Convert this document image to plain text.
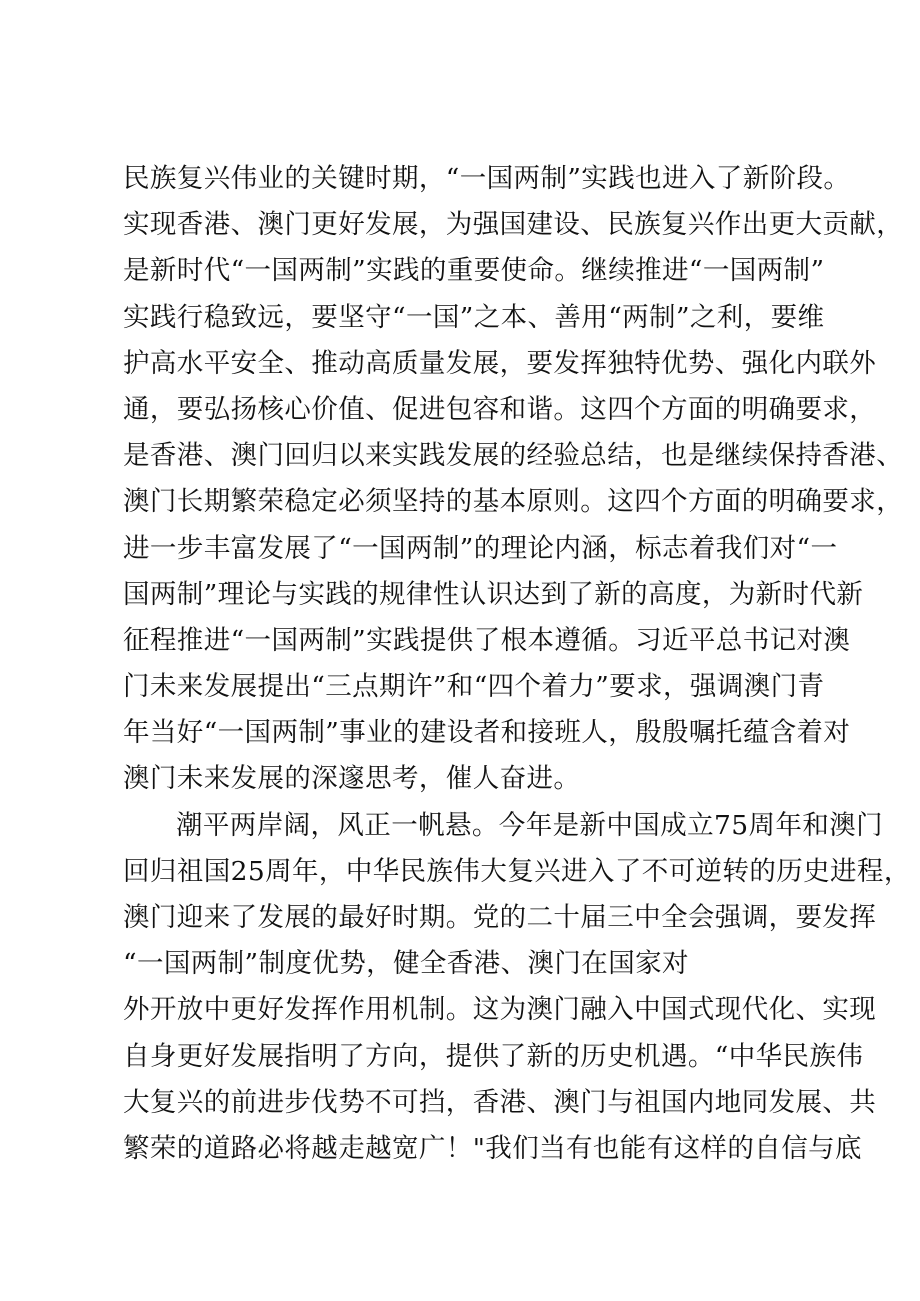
民族复兴伟业的关键时期，“一国两制”实践也进入了新阶段。
实现香港、澳门更好发展，为强国建设、民族复兴作出更大贡献，
是新时代“一国两制”实践的重要使命。继续推进“一国两制”
实践行稳致远，要坚守“一国”之本、善用“两制”之利，要维
护高水平安全、推动高质量发展，要发挥独特优势、强化内联外
通，要弘扬核心价值、促进包容和谐。这四个方面的明确要求，
是香港、澳门回归以来实践发展的经验总结，也是继续保持香港、
澳门长期繁荣稳定必须坚持的基本原则。这四个方面的明确要求，
进一步丰富发展了“一国两制”的理论内涵，标志着我们对“一
国两制”理论与实践的规律性认识达到了新的高度，为新时代新
征程推进“一国两制”实践提供了根本遵循。习近平总书记对澳
门未来发展提出“三点期许”和“四个着力”要求，强调澳门青
年当好“一国两制”事业的建设者和接班人，殷殷嘱托蕴含着对
澳门未来发展的深邃思考，催人奋进。
潮平两岸阔，风正一帆悬。今年是新中国成立75周年和澳门
回归祖国25周年，中华民族伟大复兴进入了不可逆转的历史进程，
澳门迎来了发展的最好时期。党的二十届三中全会强调，要发挥
“一国两制”制度优势，健全香港、澳门在国家对
外开放中更好发挥作用机制。这为澳门融入中国式现代化、实现
自身更好发展指明了方向，提供了新的历史机遇。“中华民族伟
大复兴的前进步伐势不可挡，香港、澳门与祖国内地同发展、共
繁荣的道路必将越走越宽广！"我们当有也能有这样的自信与底
